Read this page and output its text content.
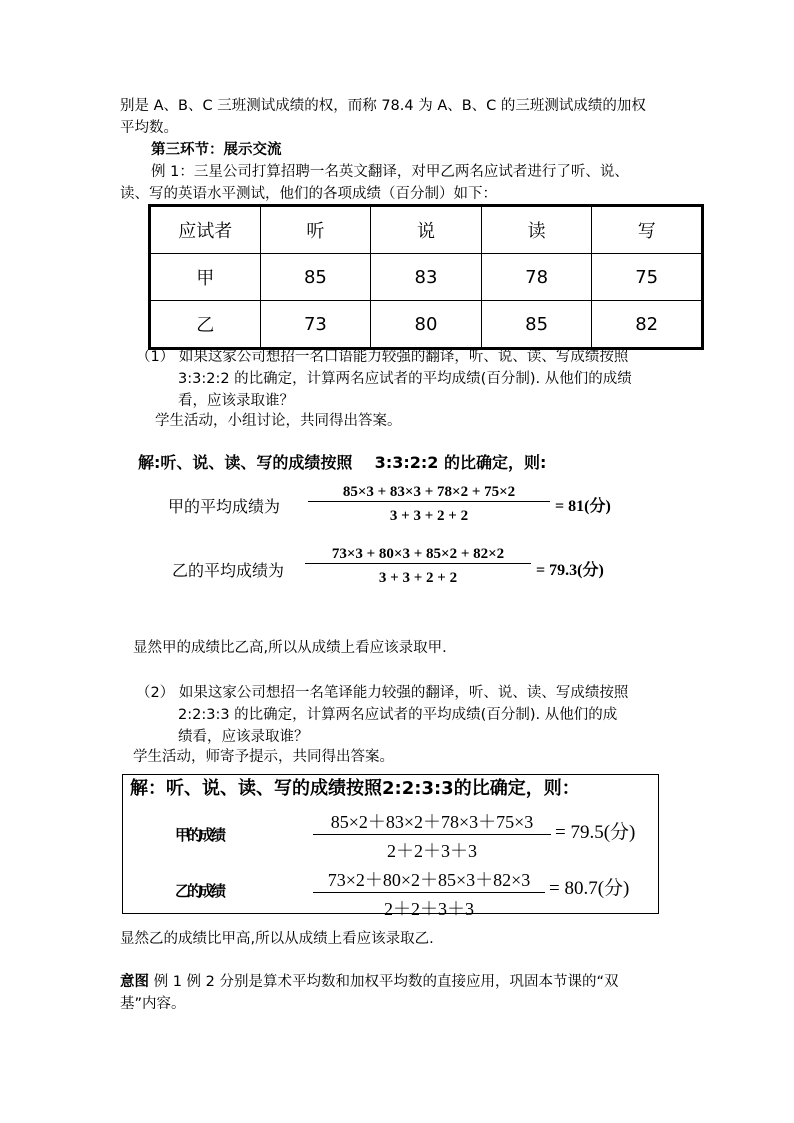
别是 A、B、C 三班测试成绩的权，而称 78.4 为 A、B、C 的三班测试成绩的加权

平均数。

第三环节：展示交流

例 1：三星公司打算招聘一名英文翻译，对甲乙两名应试者进行了听、说、

读、写的英语水平测试，他们的各项成绩（百分制）如下：

应试者	听	说	读	写
甲	85	83	78	75
乙	73	80	85	82

（1） 如果这家公司想招一名口语能力较强的翻译，听、说、读、写成绩按照

3:3:2:2 的比确定，计算两名应试者的平均成绩(百分制). 从他们的成绩

看，应该录取谁？

学生活动，小组讨论，共同得出答案。

解:听、说、读、写的成绩按照    3:3:2:2 的比确定，则:

甲的平均成绩为
85×3 + 83×3 + 78×2 + 75×2
3 + 3 + 2 + 2
= 81(分)
乙的平均成绩为
73×3 + 80×3 + 85×2 + 82×2
3 + 3 + 2 + 2	= 79.3(分)

显然甲的成绩比乙高,所以从成绩上看应该录取甲.

（2） 如果这家公司想招一名笔译能力较强的翻译，听、说、读、写成绩按照

2:2:3:3 的比确定，计算两名应试者的平均成绩(百分制). 从他们的成

绩看，应该录取谁？

学生活动，师寄予提示，共同得出答案。

解：听、说、读、写的成绩按照2:2:3:3的比确定，则：

甲的成绩
85×2＋83×2＋78×3＋75×3
2＋2＋3＋3
= 79.5(分)
乙的成绩
73×2＋80×2＋85×3＋82×3
2＋2＋3＋3
= 80.7(分)

显然乙的成绩比甲高,所以从成绩上看应该录取乙.

意图 例 1 例 2 分别是算术平均数和加权平均数的直接应用，巩固本节课的“双

基”内容。
